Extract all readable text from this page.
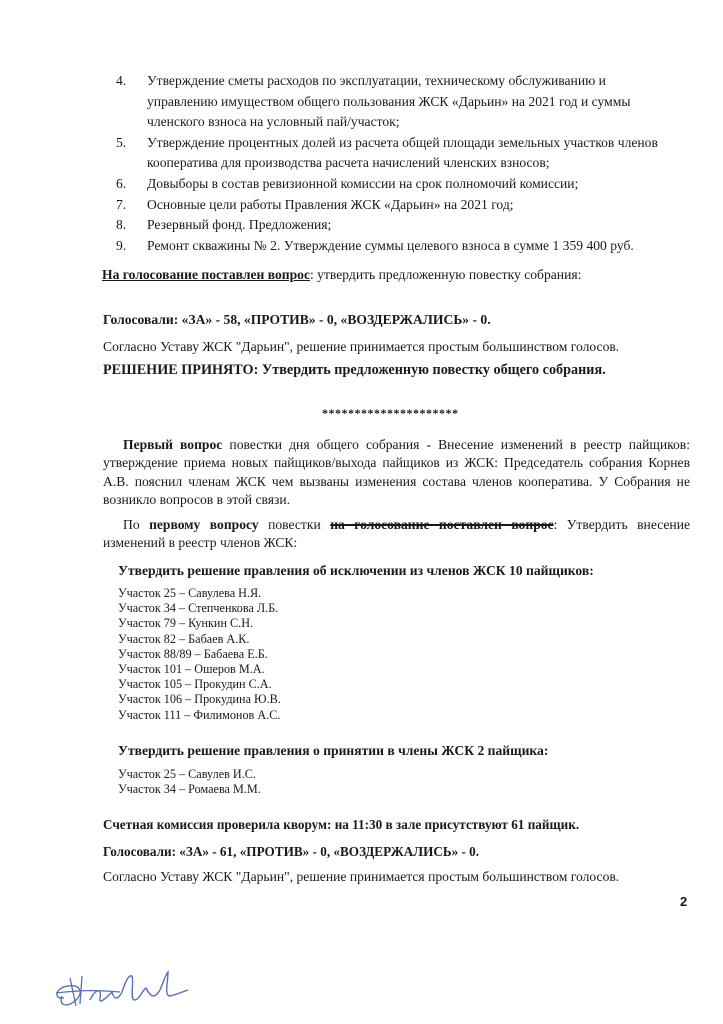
4. Утверждение сметы расходов по эксплуатации, техническому обслуживанию и управлению имуществом общего пользования ЖСК «Дарьин» на 2021 год и суммы членского взноса на условный пай/участок;
5. Утверждение процентных долей из расчета общей площади земельных участков членов кооператива для производства расчета начислений членских взносов;
6. Довыборы в состав ревизионной комиссии на срок полномочий комиссии;
7. Основные цели работы Правления ЖСК «Дарьин» на 2021 год;
8. Резервный фонд. Предложения;
9. Ремонт скважины № 2. Утверждение суммы целевого взноса в сумме 1 359 400 руб.
На голосование поставлен вопрос: утвердить предложенную повестку собрания:
Голосовали: «ЗА» - 58, «ПРОТИВ» - 0, «ВОЗДЕРЖАЛИСЬ» - 0.
Согласно Уставу ЖСК "Дарьин", решение принимается простым большинством голосов.
РЕШЕНИЕ ПРИНЯТО: Утвердить предложенную повестку общего собрания.
*********************
Первый вопрос повестки дня общего собрания - Внесение изменений в реестр пайщиков: утверждение приема новых пайщиков/выхода пайщиков из ЖСК: Председатель собрания Корнев А.В. пояснил членам ЖСК чем вызваны изменения состава членов кооператива. У Собрания не возникло вопросов в этой связи.
По первому вопросу повестки на голосование поставлен вопрос: Утвердить внесение изменений в реестр членов ЖСК:
Утвердить решение правления об исключении из членов ЖСК 10 пайщиков:
Участок 25 – Савулева Н.Я.
Участок 34 – Степченкова Л.Б.
Участок 79 – Кункин С.Н.
Участок 82 – Бабаев А.К.
Участок 88/89 – Бабаева Е.Б.
Участок 101 – Ошеров М.А.
Участок 105 – Прокудин С.А.
Участок 106 – Прокудина Ю.В.
Участок 111 – Филимонов А.С.
Утвердить решение правления о принятии в члены ЖСК 2 пайщика:
Участок 25 – Савулев И.С.
Участок 34 – Ромаева М.М.
Счетная комиссия проверила кворум: на 11:30 в зале присутствуют 61 пайщик.
Голосовали: «ЗА» - 61, «ПРОТИВ» - 0, «ВОЗДЕРЖАЛИСЬ» - 0.
Согласно Уставу ЖСК "Дарьин", решение принимается простым большинством голосов.
2
